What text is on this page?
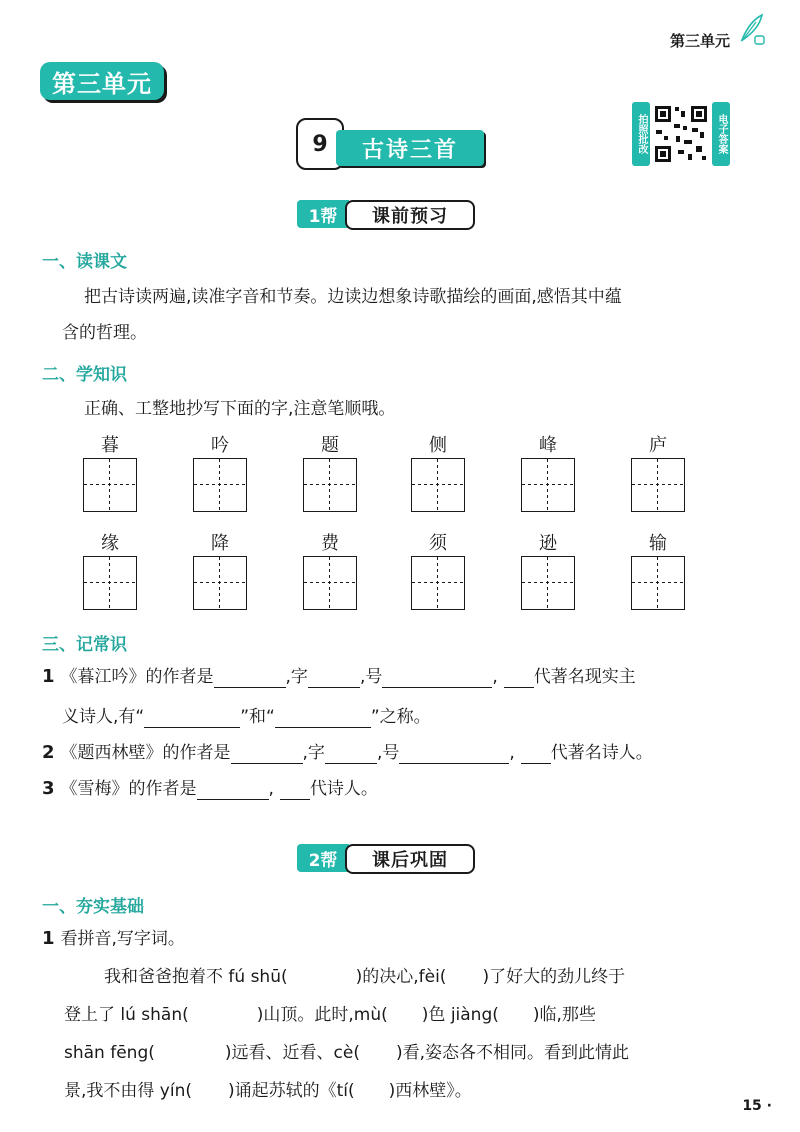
第三单元
第三单元
9	古诗三首	拍照批改	电子答案
1帮	课前预习
一、读课文
把古诗读两遍,读准字音和节奏。边读边想象诗歌描绘的画面,感悟其中蕴
含的哲理。
二、学知识
正确、工整地抄写下面的字,注意笔顺哦。
暮	吟	题	侧	峰	庐
缘	降	费	须	逊	输
三、记常识
1 《暮江吟》的作者是	,字	,号	, 代著名现实主
义诗人,有“	”和“	”之称。
2 《题西林壁》的作者是	,字	,号	, 代著名诗人。
3 《雪梅》的作者是	, 代诗人。
2帮	课后巩固
一、夯实基础
1 看拼音,写字词。
我和爸爸抱着不 fú shū(	)的决心,fèi( )了好大的劲儿终于
登上了 lú shān(	)山顶。此时,mù( )色 jiàng( )临,那些
shān fēng(	)远看、近看、cè( )看,姿态各不相同。看到此情此
景,我不由得 yín( )诵起苏轼的《tí( )西林壁》。
15 ·
